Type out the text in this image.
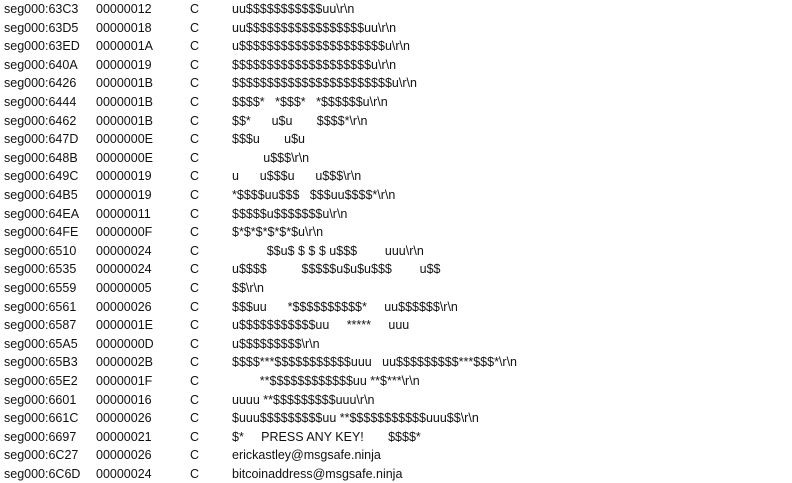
seg000:63C3 00000012	C	uu$$$$$$$$$$$uu\r\n
seg000:63D5 00000018	C	uu$$$$$$$$$$$$$$$$$uu\r\n
seg000:63ED 0000001A	C	u$$$$$$$$$$$$$$$$$$$$$u\r\n
seg000:640A 00000019	C	$$$$$$$$$$$$$$$$$$$$u\r\n
seg000:6426 0000001B	C	$$$$$$$$$$$$$$$$$$$$$$$u\r\n
seg000:6444 0000001B	C	$$$$*   *$$$*   *$$$$$$u\r\n
seg000:6462 0000001B	C	$$*      u$u       $$$$*\r\n
seg000:647D 0000000E	C	$$$u       u$u
seg000:648B 0000000E	C	u$$$\r\n
seg000:649C 00000019	C	u      u$$$u      u$$$\r\n
seg000:64B5 00000019	C	*$$$$uu$$$   $$$uu$$$$*\r\n
seg000:64EA 00000011	C	$$$$$u$$$$$$$u\r\n
seg000:64FE 0000000F	C	$*$*$*$*$*$u\r\n
seg000:6510 00000024	C	$$u$ $ $ $ u$$$        uuu\r\n
seg000:6535 00000024	C	u$$$$          $$$$$u$u$u$$$        u$$
seg000:6559 00000005	C	$$\r\n
seg000:6561 00000026	C	$$$uu      *$$$$$$$$$$*     uu$$$$$$\r\n
seg000:6587 0000001E	C	u$$$$$$$$$$$uu     *****     uuu
seg000:65A5 0000000D	C	u$$$$$$$$$\r\n
seg000:65B3 0000002B	C	$$$$***$$$$$$$$$$$uuu   uu$$$$$$$$$***$$$*\r\n
seg000:65E2 0000001F	C	**$$$$$$$$$$$$uu **$***\r\n
seg000:6601 00000016	C	uuuu **$$$$$$$$$uuu\r\n
seg000:661C 00000026	C	$uuu$$$$$$$$$uu **$$$$$$$$$$$uuu$$\r\n
seg000:6697 00000021	C	$*     PRESS ANY KEY!       $$$$*
seg000:6C27 00000026	C	erickastley@msgsafe.ninja
seg000:6C6D 00000024	C	bitcoinaddress@msgsafe.ninja
